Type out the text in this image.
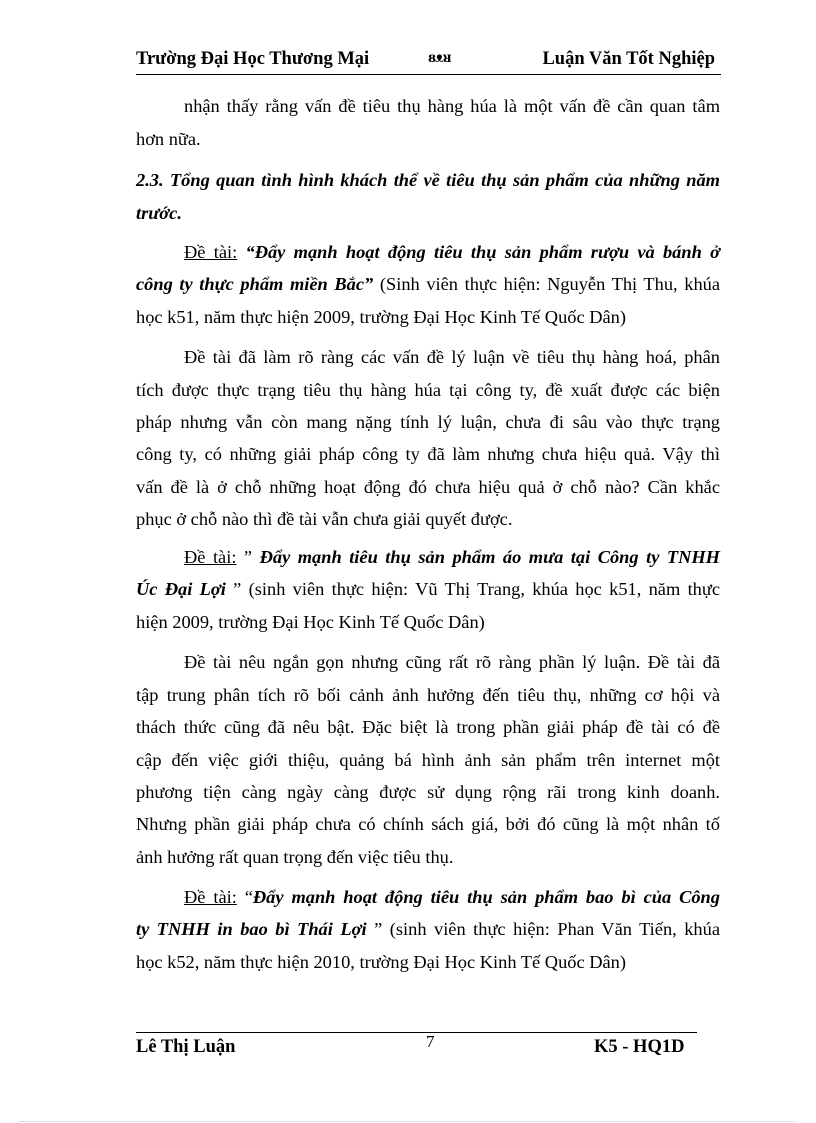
Trường Đại Học Thương Mại	ᴕᴥᴚ	Luận Văn Tốt Nghiệp
nhận thấy rằng vấn đề tiêu thụ hàng húa là một vấn đề cần quan tâm
hơn nữa.
2.3. Tổng quan tình hình khách thể về tiêu thụ sản phẩm của những năm
trước.
Đề tài: “Đẩy mạnh hoạt động tiêu thụ sản phẩm rượu và bánh ở
công ty thực phẩm miền Bắc” (Sinh viên thực hiện: Nguyễn Thị Thu, khúa
học k51, năm thực hiện 2009, trường Đại Học Kinh Tế Quốc Dân)
Đề tài đã làm rõ ràng các vấn đề lý luận về tiêu thụ hàng hoá, phân
tích được thực trạng tiêu thụ hàng húa tại công ty, đề xuất được các biện
pháp nhưng vẫn còn mang nặng tính lý luận, chưa đi sâu vào thực trạng
công ty, có những giải pháp công ty đã làm nhưng chưa hiệu quả. Vậy thì
vấn đề là ở chỗ những hoạt động đó chưa hiệu quả ở chỗ nào? Cần khắc
phục ở chỗ nào thì đề tài vẫn chưa giải quyết được.
Đề tài: ” Đẩy mạnh tiêu thụ sản phẩm áo mưa tại Công ty TNHH
Úc Đại Lợi ” (sinh viên thực hiện: Vũ Thị Trang, khúa học k51, năm thực
hiện 2009, trường Đại Học Kinh Tế Quốc Dân)
Đề tài nêu ngắn gọn nhưng cũng rất rõ ràng phần lý luận. Đề tài đã
tập trung phân tích rõ bối cảnh ảnh hưởng đến tiêu thụ, những cơ hội và
thách thức cũng đã nêu bật. Đặc biệt là trong phần giải pháp đề tài có đề
cập đến việc giới thiệu, quảng bá hình ảnh sản phẩm trên internet một
phương tiện càng ngày càng được sử dụng rộng rãi trong kinh doanh.
Nhưng phần giải pháp chưa có chính sách giá, bởi đó cũng là một nhân tố
ảnh hưởng rất quan trọng đến việc tiêu thụ.
Đề tài: “Đẩy mạnh hoạt động tiêu thụ sản phẩm bao bì của Công
ty TNHH in bao bì Thái Lợi ” (sinh viên thực hiện: Phan Văn Tiến, khúa
học k52, năm thực hiện 2010, trường Đại Học Kinh Tế Quốc Dân)
Lê Thị Luận	7	K5 - HQ1D
